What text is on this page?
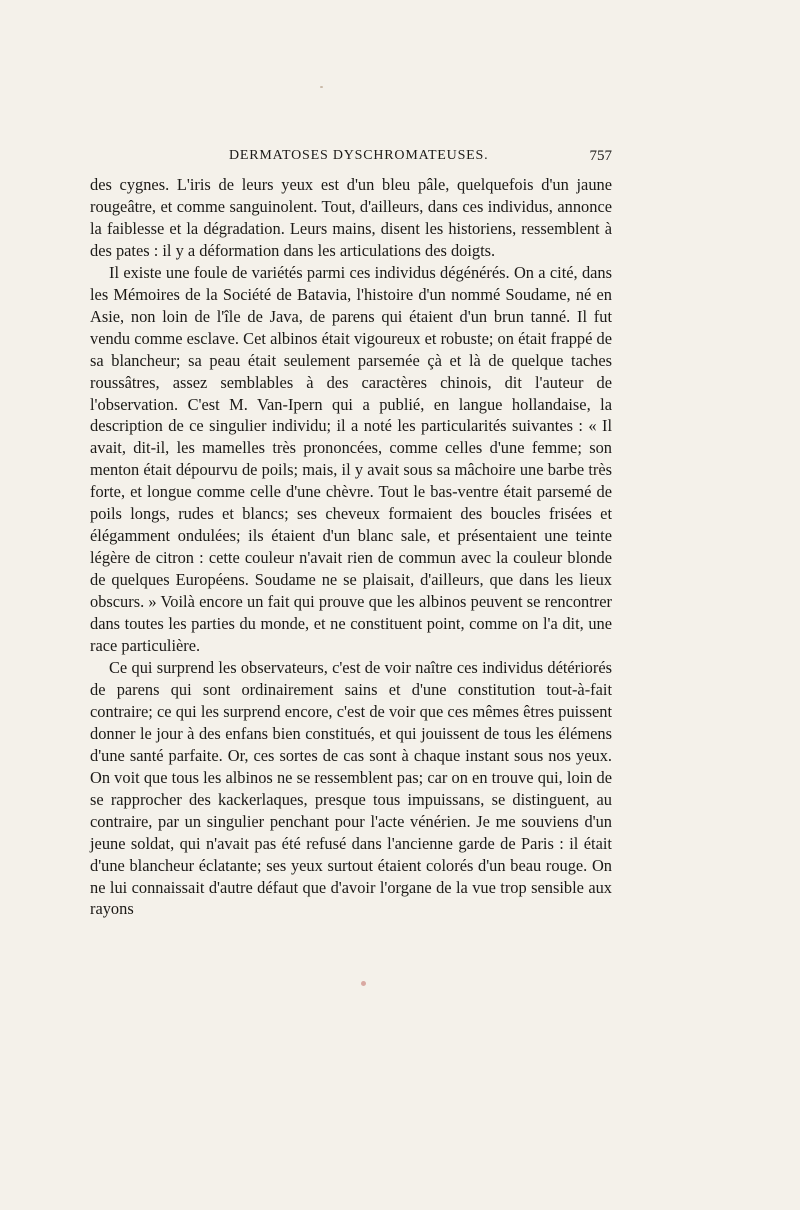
DERMATOSES DYSCHROMATEUSES.	757

des cygnes. L'iris de leurs yeux est d'un bleu pâle, quelquefois d'un jaune rougeâtre, et comme sanguinolent. Tout, d'ailleurs, dans ces individus, annonce la faiblesse et la dégradation. Leurs mains, disent les historiens, ressemblent à des pates : il y a déformation dans les articulations des doigts.

Il existe une foule de variétés parmi ces individus dégénérés. On a cité, dans les Mémoires de la Société de Batavia, l'histoire d'un nommé Soudame, né en Asie, non loin de l'île de Java, de parens qui étaient d'un brun tanné. Il fut vendu comme esclave. Cet albinos était vigoureux et robuste; on était frappé de sa blancheur; sa peau était seulement parsemée çà et là de quelque taches roussâtres, assez semblables à des caractères chinois, dit l'auteur de l'observation. C'est M. Van-Ipern qui a publié, en langue hollandaise, la description de ce singulier individu; il a noté les particularités suivantes : « Il avait, dit-il, les mamelles très prononcées, comme celles d'une femme; son menton était dépourvu de poils; mais, il y avait sous sa mâchoire une barbe très forte, et longue comme celle d'une chèvre. Tout le bas-ventre était parsemé de poils longs, rudes et blancs; ses cheveux formaient des boucles frisées et élégamment ondulées; ils étaient d'un blanc sale, et présentaient une teinte légère de citron : cette couleur n'avait rien de commun avec la couleur blonde de quelques Européens. Soudame ne se plaisait, d'ailleurs, que dans les lieux obscurs. » Voilà encore un fait qui prouve que les albinos peuvent se rencontrer dans toutes les parties du monde, et ne constituent point, comme on l'a dit, une race particulière.

Ce qui surprend les observateurs, c'est de voir naître ces individus détériorés de parens qui sont ordinairement sains et d'une constitution tout-à-fait contraire; ce qui les surprend encore, c'est de voir que ces mêmes êtres puissent donner le jour à des enfans bien constitués, et qui jouissent de tous les élémens d'une santé parfaite. Or, ces sortes de cas sont à chaque instant sous nos yeux. On voit que tous les albinos ne se ressemblent pas; car on en trouve qui, loin de se rapprocher des kackerlaques, presque tous impuissans, se distinguent, au contraire, par un singulier penchant pour l'acte vénérien. Je me souviens d'un jeune soldat, qui n'avait pas été refusé dans l'ancienne garde de Paris : il était d'une blancheur éclatante; ses yeux surtout étaient colorés d'un beau rouge. On ne lui connaissait d'autre défaut que d'avoir l'organe de la vue trop sensible aux rayons
